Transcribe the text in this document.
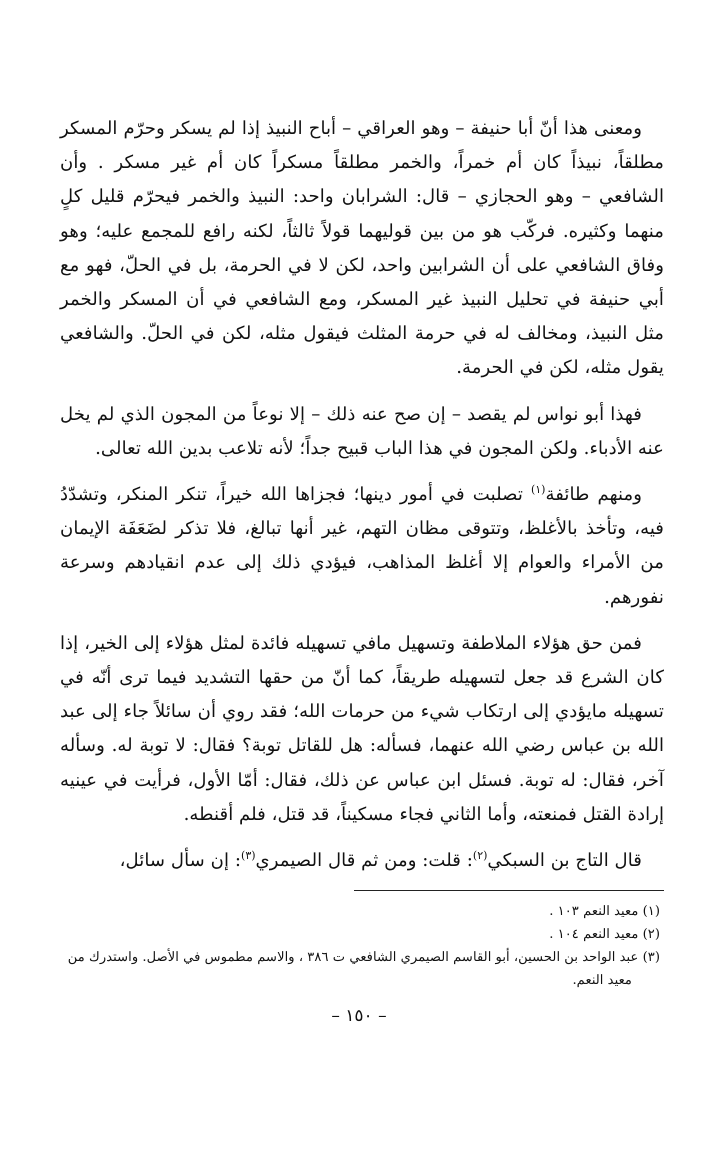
ومعنى هذا أنّ أبا حنيفة – وهو العراقي – أباح النبيذ إذا لم يسكر وحرّم المسكر مطلقاً، نبيذاً كان أم خمراً، والخمر مطلقاً مسكراً كان أم غير مسكر . وأن الشافعي – وهو الحجازي – قال: الشرابان واحد: النبيذ والخمر فيحرّم قليل كلٍ منهما وكثيره. فركّب هو من بين قوليهما قولاً ثالثاً، لكنه رافع للمجمع عليه؛ وهو وفاق الشافعي على أن الشرابين واحد، لكن لا في الحرمة، بل في الحلّ، فهو مع أبي حنيفة في تحليل النبيذ غير المسكر، ومع الشافعي في أن المسكر والخمر مثل النبيذ، ومخالف له في حرمة المثلث فيقول مثله، لكن في الحلّ. والشافعي يقول مثله، لكن في الحرمة.

فهذا أبو نواس لم يقصد – إن صح عنه ذلك – إلا نوعاً من المجون الذي لم يخل عنه الأدباء. ولكن المجون في هذا الباب قبيح جداً؛ لأنه تلاعب بدين الله تعالى.

ومنهم طائفة$^{(١)}$ تصلبت في أمور دينها؛ فجزاها الله خيراً، تنكر المنكر، وتشدّدُ فيه، وتأخذ بالأغلظ، وتتوقى مظان التهم، غير أنها تبالغ، فلا تذكر لضَعَفَة الإيمان من الأمراء والعوام إلا أغلظ المذاهب، فيؤدي ذلك إلى عدم انقيادهم وسرعة نفورهم.

فمن حق هؤلاء الملاطفة وتسهيل مافي تسهيله فائدة لمثل هؤلاء إلى الخير، إذا كان الشرع قد جعل لتسهيله طريقاً، كما أنّ من حقها التشديد فيما ترى أنّه في تسهيله مايؤدي إلى ارتكاب شيء من حرمات الله؛ فقد روي أن سائلاً جاء إلى عبد الله بن عباس رضي الله عنهما، فسأله: هل للقاتل توبة؟ فقال: لا توبة له. وسأله آخر، فقال: له توبة. فسئل ابن عباس عن ذلك، فقال: أمّا الأول، فرأيت في عينيه إرادة القتل فمنعته، وأما الثاني فجاء مسكيناً، قد قتل، فلم أقنطه.

قال التاج بن السبكي$^{(٢)}$: قلت: ومن ثم قال الصيمري$^{(٣)}$: إن سأل سائل،

(١) معيد النعم ١٠٣ .

(٢) معيد النعم ١٠٤ .

(٣) عبد الواحد بن الحسين، أبو القاسم الصيمري الشافعي ت ٣٨٦ ، والاسم مطموس في الأصل. واستدرك من
معيد النعم.

– ١٥٠ –
